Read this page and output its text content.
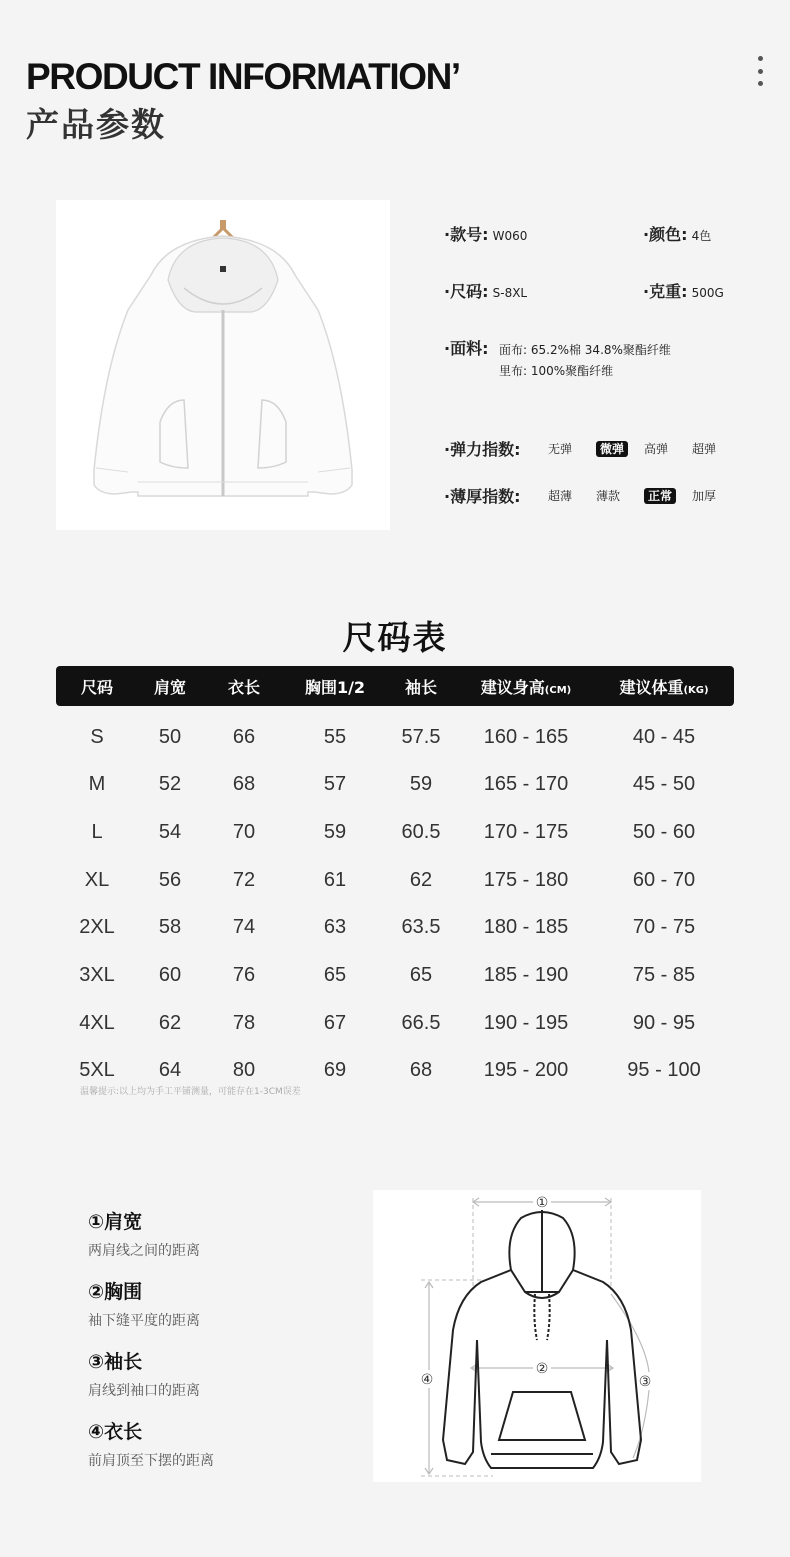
PRODUCT INFORMATION’
产品参数
·款号: W060	·颜色: 4色
·尺码: S-8XL	·克重: 500G
·面料: 面布: 65.2%棉 34.8%聚酯纤维
里布: 100%聚酯纤维
·弹力指数:	无弹	微弹	高弹	超弹
·薄厚指数:	超薄	薄款	正常	加厚
尺码表
尺码	肩宽	衣长	胸围1/2	袖长	建议身高(CM)	建议体重(KG)
S	50	66	55	57.5	160 - 165	40 - 45
M	52	68	57	59	165 - 170	45 - 50
L	54	70	59	60.5	170 - 175	50 - 60
XL	56	72	61	62	175 - 180	60 - 70
2XL	58	74	63	63.5	180 - 185	70 - 75
3XL	60	76	65	65	185 - 190	75 - 85
4XL	62	78	67	66.5	190 - 195	90 - 95
5XL	64	80	69	68	195 - 200	95 - 100
温馨提示:以上均为手工平铺测量，可能存在1-3CM误差
①肩宽
两肩线之间的距离
②胸围
袖下缝平度的距离
③袖长
肩线到袖口的距离
④衣长
前肩顶至下摆的距离
①
②
③
④
